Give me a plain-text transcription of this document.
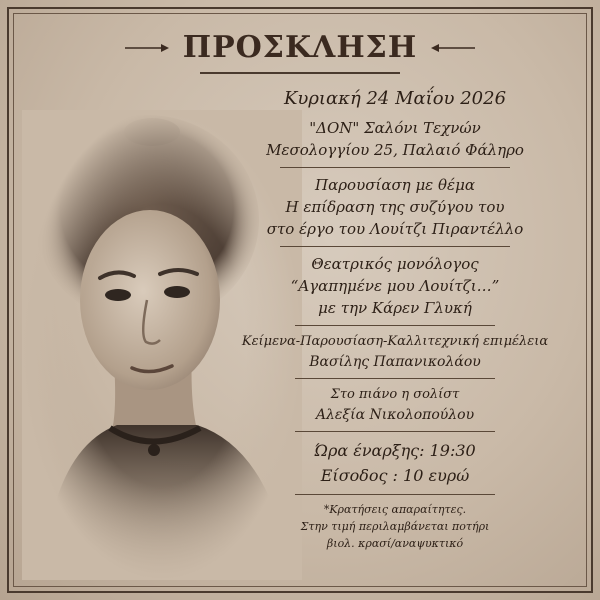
ΠΡΟΣΚΛΗΣΗ
Κυριακή 24 Μαΐου 2026
"ΔΟΝ" Σαλόνι Τεχνών
Μεσολογγίου 25, Παλαιό Φάληρο
Παρουσίαση με θέμα
Η επίδραση της συζύγου του
στο έργο του Λουίτζι Πιραντέλλο
Θεατρικός μονόλογος
“Αγαπημένε μου Λουίτζι…”
με την Κάρεν Γλυκή
Κείμενα-Παρουσίαση-Καλλιτεχνική επιμέλεια
Βασίλης Παπανικολάου
Στο πιάνο η σολίστ
Αλεξία Νικολοπούλου
Ώρα έναρξης: 19:30
Είσοδος : 10 ευρώ
*Κρατήσεις απαραίτητες.
Στην τιμή περιλαμβάνεται ποτήρι
βιολ. κρασί/αναψυκτικό
